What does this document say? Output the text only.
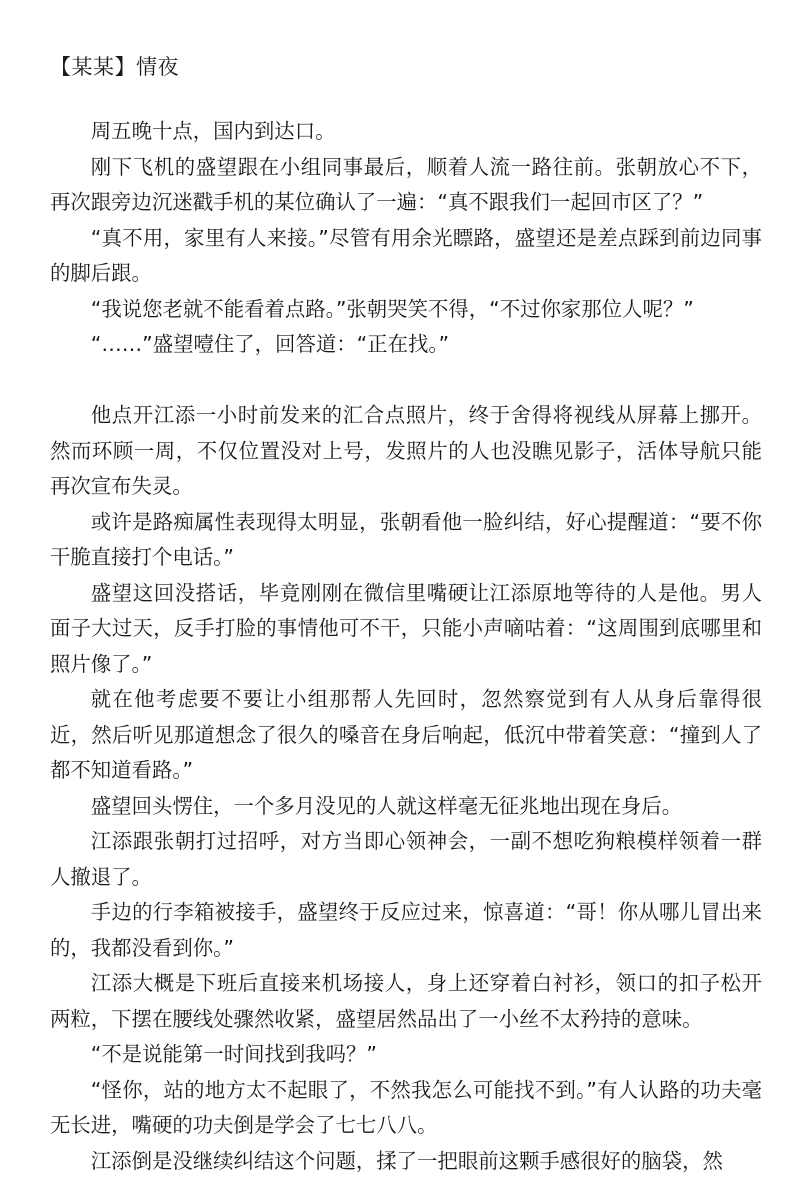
【某某】情夜

周五晚十点，国内到达口。

刚下飞机的盛望跟在小组同事最后，顺着人流一路往前。张朝放心不下，再次跟旁边沉迷戳手机的某位确认了一遍：“真不跟我们一起回市区了？”

“真不用，家里有人来接。”尽管有用余光瞟路，盛望还是差点踩到前边同事的脚后跟。

“我说您老就不能看着点路。”张朝哭笑不得，“不过你家那位人呢？”

“……”盛望噎住了，回答道：“正在找。”

他点开江添一小时前发来的汇合点照片，终于舍得将视线从屏幕上挪开。然而环顾一周，不仅位置没对上号，发照片的人也没瞧见影子，活体导航只能再次宣布失灵。

或许是路痴属性表现得太明显，张朝看他一脸纠结，好心提醒道：“要不你干脆直接打个电话。”

盛望这回没搭话，毕竟刚刚在微信里嘴硬让江添原地等待的人是他。男人面子大过天，反手打脸的事情他可不干，只能小声嘀咕着：“这周围到底哪里和照片像了。”

就在他考虑要不要让小组那帮人先回时，忽然察觉到有人从身后靠得很近，然后听见那道想念了很久的嗓音在身后响起，低沉中带着笑意：“撞到人了都不知道看路。”

盛望回头愣住，一个多月没见的人就这样毫无征兆地出现在身后。

江添跟张朝打过招呼，对方当即心领神会，一副不想吃狗粮模样领着一群人撤退了。

手边的行李箱被接手，盛望终于反应过来，惊喜道：“哥！你从哪儿冒出来的，我都没看到你。”

江添大概是下班后直接来机场接人，身上还穿着白衬衫，领口的扣子松开两粒，下摆在腰线处骤然收紧，盛望居然品出了一小丝不太矜持的意味。

“不是说能第一时间找到我吗？”

“怪你，站的地方太不起眼了，不然我怎么可能找不到。”有人认路的功夫毫无长进，嘴硬的功夫倒是学会了七七八八。

江添倒是没继续纠结这个问题，揉了一把眼前这颗手感很好的脑袋，然
